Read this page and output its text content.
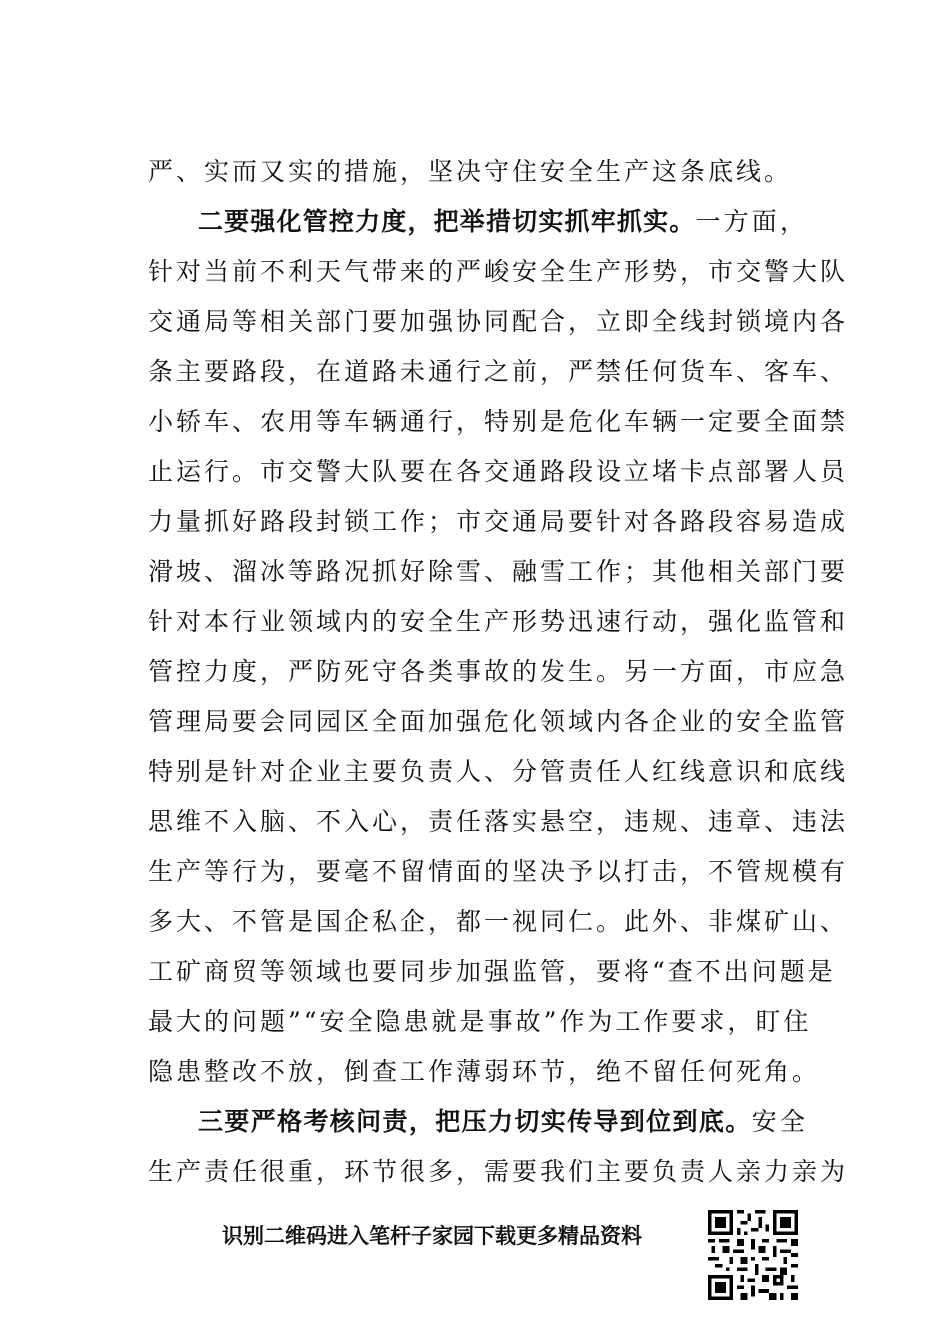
严、实而又实的措施，坚决守住安全生产这条底线。
二要强化管控力度，把举措切实抓牢抓实。一方面，
针对当前不利天气带来的严峻安全生产形势，市交警大队
交通局等相关部门要加强协同配合，立即全线封锁境内各
条主要路段，在道路未通行之前，严禁任何货车、客车、
小轿车、农用等车辆通行，特别是危化车辆一定要全面禁
止运行。市交警大队要在各交通路段设立堵卡点部署人员
力量抓好路段封锁工作；市交通局要针对各路段容易造成
滑坡、溜冰等路况抓好除雪、融雪工作；其他相关部门要
针对本行业领域内的安全生产形势迅速行动，强化监管和
管控力度，严防死守各类事故的发生。另一方面，市应急
管理局要会同园区全面加强危化领域内各企业的安全监管
特别是针对企业主要负责人、分管责任人红线意识和底线
思维不入脑、不入心，责任落实悬空，违规、违章、违法
生产等行为，要毫不留情面的坚决予以打击，不管规模有
多大、不管是国企私企，都一视同仁。此外、非煤矿山、
工矿商贸等领域也要同步加强监管，要将“查不出问题是
最大的问题”“安全隐患就是事故”作为工作要求，盯住
隐患整改不放，倒查工作薄弱环节，绝不留任何死角。
三要严格考核问责，把压力切实传导到位到底。安全
生产责任很重，环节很多，需要我们主要负责人亲力亲为
识别二维码进入笔杆子家园下载更多精品资料
